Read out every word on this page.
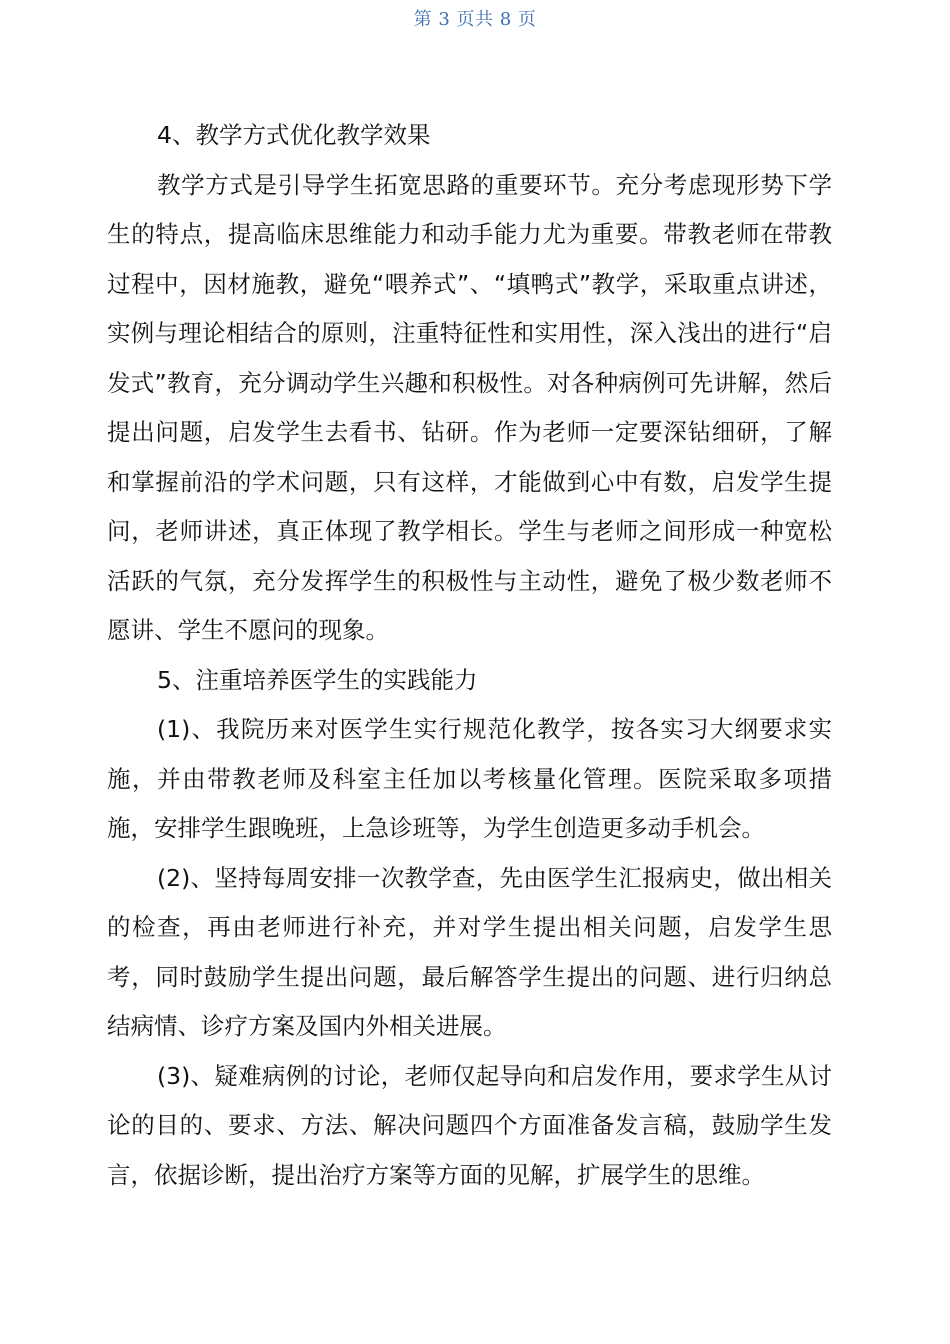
第 3 页共 8 页

4、教学方式优化教学效果

教学方式是引导学生拓宽思路的重要环节。充分考虑现形势下学生的特点，提高临床思维能力和动手能力尤为重要。带教老师在带教过程中，因材施教，避免“喂养式”、“填鸭式”教学，采取重点讲述，实例与理论相结合的原则，注重特征性和实用性，深入浅出的进行“启发式”教育，充分调动学生兴趣和积极性。对各种病例可先讲解，然后提出问题，启发学生去看书、钻研。作为老师一定要深钻细研，了解和掌握前沿的学术问题，只有这样，才能做到心中有数，启发学生提问，老师讲述，真正体现了教学相长。学生与老师之间形成一种宽松活跃的气氛，充分发挥学生的积极性与主动性，避免了极少数老师不愿讲、学生不愿问的现象。

5、注重培养医学生的实践能力

(1)、我院历来对医学生实行规范化教学，按各实习大纲要求实施，并由带教老师及科室主任加以考核量化管理。医院采取多项措施，安排学生跟晚班，上急诊班等，为学生创造更多动手机会。

(2)、坚持每周安排一次教学查，先由医学生汇报病史，做出相关的检查，再由老师进行补充，并对学生提出相关问题，启发学生思考，同时鼓励学生提出问题，最后解答学生提出的问题、进行归纳总结病情、诊疗方案及国内外相关进展。

(3)、疑难病例的讨论，老师仅起导向和启发作用，要求学生从讨论的目的、要求、方法、解决问题四个方面准备发言稿，鼓励学生发言，依据诊断，提出治疗方案等方面的见解，扩展学生的思维。
